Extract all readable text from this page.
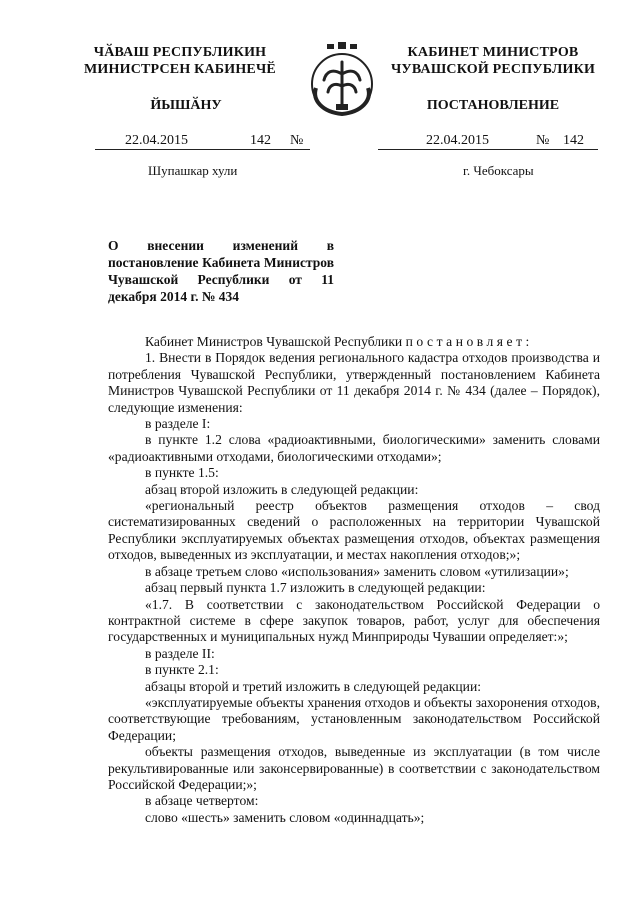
ЧӐВАШ РЕСПУБЛИКИН
МИНИСТРСЕН КАБИНЕЧӖ
ЙЫШӐНУ
КАБИНЕТ МИНИСТРОВ
ЧУВАШСКОЙ РЕСПУБЛИКИ
ПОСТАНОВЛЕНИЕ
22.04.2015	142 №	22.04.2015	№ 142
Шупашкар хули	г. Чебоксары
О внесении изменений в постановление Кабинета Министров Чувашской Республики от 11 декабря 2014 г. № 434

Кабинет Министров Чувашской Республики постановляет:

1. Внести в Порядок ведения регионального кадастра отходов производства и потребления Чувашской Республики, утвержденный постановлением Кабинета Министров Чувашской Республики от 11 декабря 2014 г. № 434 (далее – Порядок), следующие изменения:

в разделе I:

в пункте 1.2 слова «радиоактивными, биологическими» заменить словами «радиоактивными отходами, биологическими отходами»;

в пункте 1.5:

абзац второй изложить в следующей редакции:

«региональный реестр объектов размещения отходов – свод систематизированных сведений о расположенных на территории Чувашской Республики эксплуатируемых объектах размещения отходов, объектах размещения отходов, выведенных из эксплуатации, и местах накопления отходов;»;

в абзаце третьем слово «использования» заменить словом «утилизации»;

абзац первый пункта 1.7 изложить в следующей редакции:

«1.7. В соответствии с законодательством Российской Федерации о контрактной системе в сфере закупок товаров, работ, услуг для обеспечения государственных и муниципальных нужд Минприроды Чувашии определяет:»;

в разделе II:

в пункте 2.1:

абзацы второй и третий изложить в следующей редакции:

«эксплуатируемые объекты хранения отходов и объекты захоронения отходов, соответствующие требованиям, установленным законодательством Российской Федерации;

объекты размещения отходов, выведенные из эксплуатации (в том числе рекультивированные или законсервированные) в соответствии с законодательством Российской Федерации;»;

в абзаце четвертом:

слово «шесть» заменить словом «одиннадцать»;
